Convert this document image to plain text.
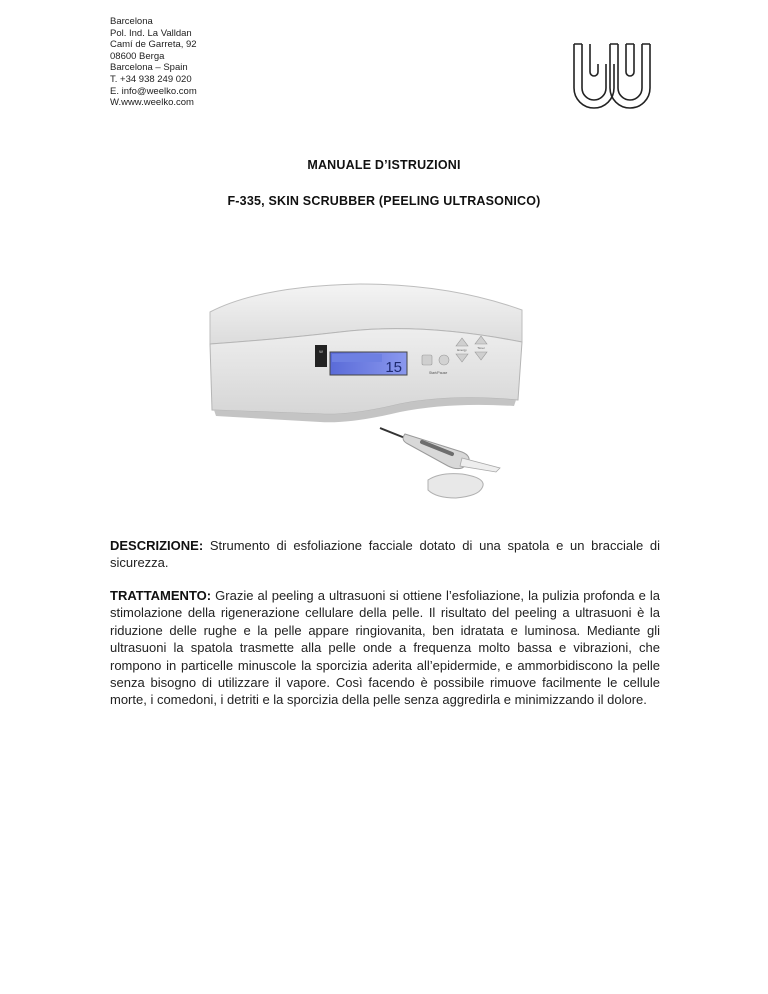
Barcelona
Pol. Ind. La Valldan
Camí de Garreta, 92
08600 Berga
Barcelona – Spain
T. +34 938 249 020
E. info@weelko.com
W.www.weelko.com
MANUALE D’ISTRUZIONI
F-335, SKIN SCRUBBER (PEELING ULTRASONICO)
W
15	Start/Pause
Energy	Timer
DESCRIZIONE: Strumento di esfoliazione facciale dotato di una spatola e un bracciale di sicurezza.
TRATTAMENTO: Grazie al peeling a ultrasuoni si ottiene l’esfoliazione, la pulizia profonda e la stimolazione della rigenerazione cellulare della pelle. Il risultato del peeling a ultrasuoni è la riduzione delle rughe e la pelle appare ringiovanita, ben idratata e luminosa. Mediante gli ultrasuoni la spatola trasmette alla pelle onde a frequenza molto bassa e vibrazioni, che rompono in particelle minuscole la sporcizia aderita all’epidermide, e ammorbidiscono la pelle senza bisogno di utilizzare il vapore. Così facendo è possibile rimuove facilmente le cellule morte, i comedoni, i detriti e la sporcizia della pelle senza aggredirla e minimizzando il dolore.
